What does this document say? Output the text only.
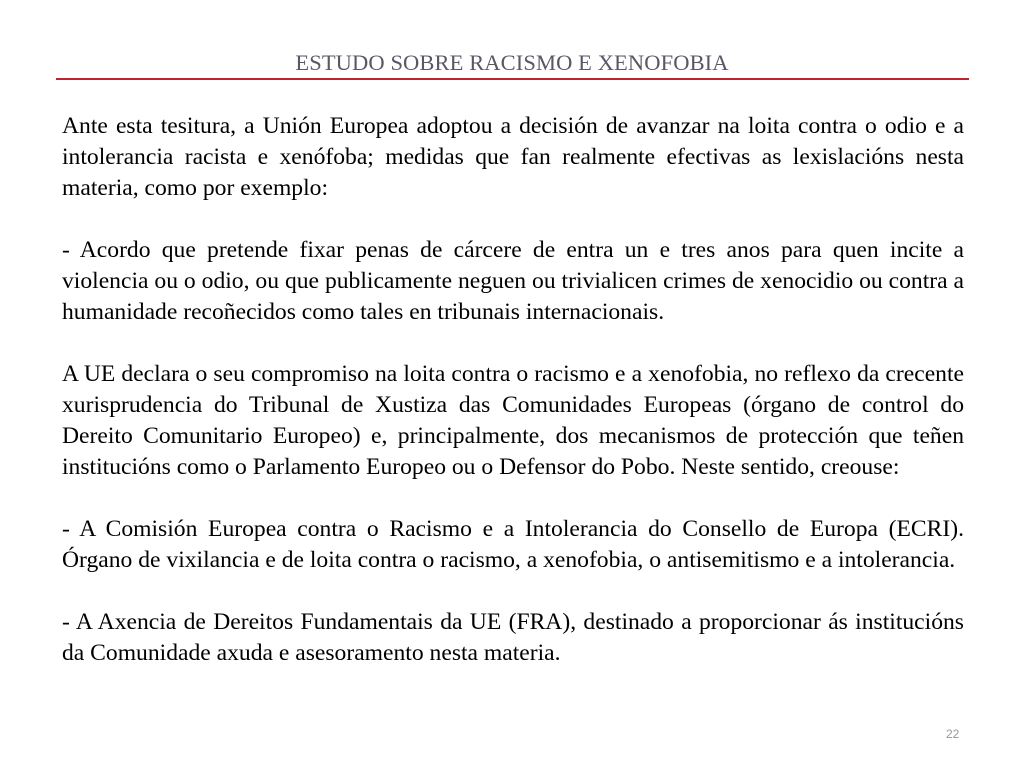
ESTUDO SOBRE RACISMO E XENOFOBIA

Ante esta tesitura, a Unión Europea adoptou a decisión de avanzar na loita contra o odio e a intolerancia racista e xenófoba; medidas que fan realmente efectivas as lexislacións nesta materia, como por exemplo:

- Acordo que pretende fixar penas de cárcere de entra un e tres anos para quen incite a violencia ou o odio, ou que publicamente neguen ou trivialicen crimes de xenocidio ou contra a humanidade recoñecidos como tales en tribunais internacionais.

A UE declara o seu compromiso na loita contra o racismo e a xenofobia, no reflexo da crecente xurisprudencia do Tribunal de Xustiza das Comunidades Europeas (órgano de control do Dereito Comunitario Europeo) e, principalmente, dos mecanismos de protección que teñen institucións como o Parlamento Europeo ou o Defensor do Pobo. Neste sentido, creouse:

- A Comisión Europea contra o Racismo e a Intolerancia do Consello de Europa (ECRI). Órgano de vixilancia e de loita contra o racismo, a xenofobia, o antisemitismo e a intolerancia.

- A Axencia de Dereitos Fundamentais da UE (FRA), destinado a proporcionar ás institucións da Comunidade axuda e asesoramento nesta materia.

22
